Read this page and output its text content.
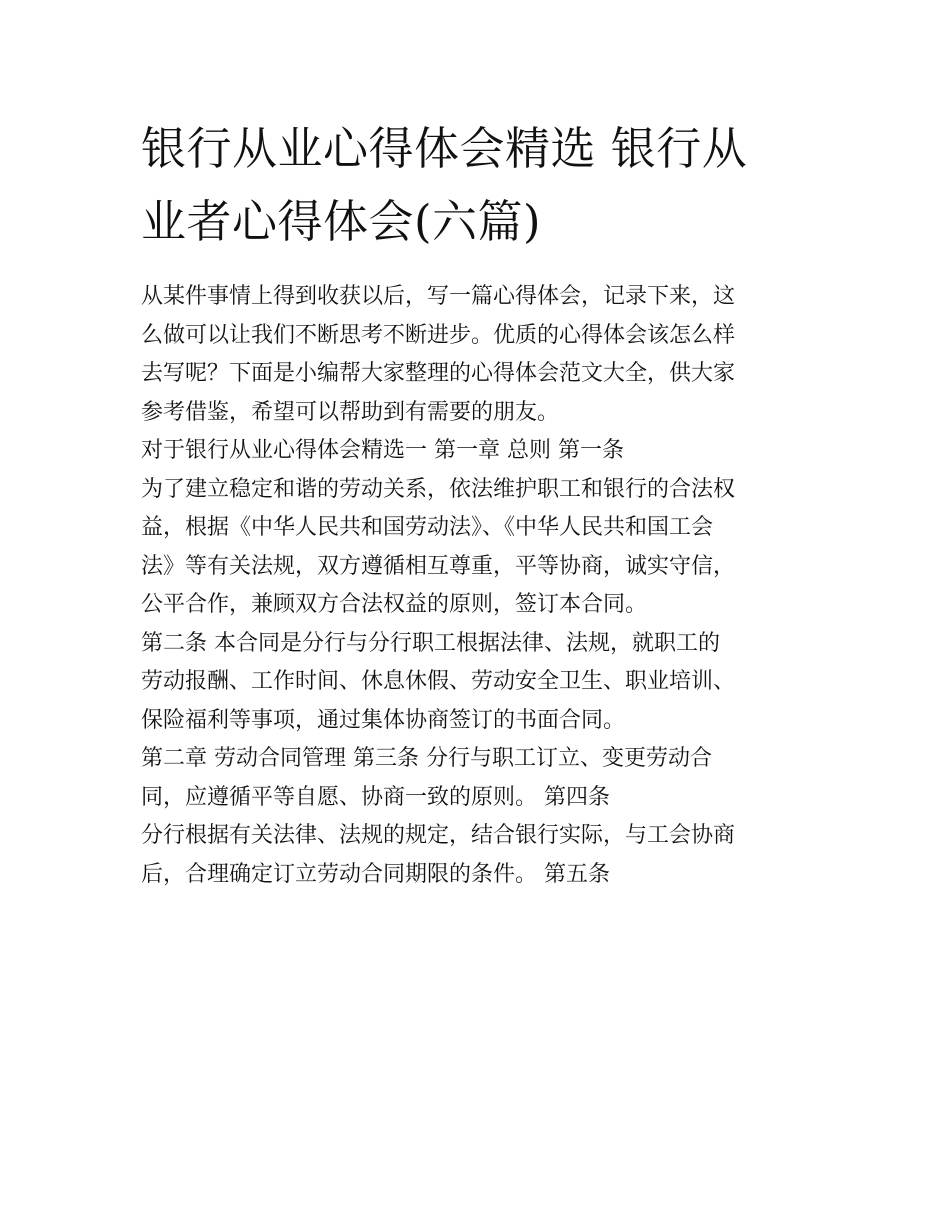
银行从业心得体会精选 银行从
业者心得体会(六篇)

从某件事情上得到收获以后，写一篇心得体会，记录下来，这
么做可以让我们不断思考不断进步。优质的心得体会该怎么样
去写呢？下面是小编帮大家整理的心得体会范文大全，供大家
参考借鉴，希望可以帮助到有需要的朋友。

对于银行从业心得体会精选一 第一章 总则 第一条

为了建立稳定和谐的劳动关系，依法维护职工和银行的合法权
益，根据《中华人民共和国劳动法》、《中华人民共和国工会
法》等有关法规，双方遵循相互尊重，平等协商，诚实守信，
公平合作，兼顾双方合法权益的原则，签订本合同。

第二条 本合同是分行与分行职工根据法律、法规，就职工的
劳动报酬、工作时间、休息休假、劳动安全卫生、职业培训、
保险福利等事项，通过集体协商签订的书面合同。

第二章 劳动合同管理 第三条 分行与职工订立、变更劳动合
同，应遵循平等自愿、协商一致的原则。 第四条

分行根据有关法律、法规的规定，结合银行实际，与工会协商
后，合理确定订立劳动合同期限的条件。 第五条
